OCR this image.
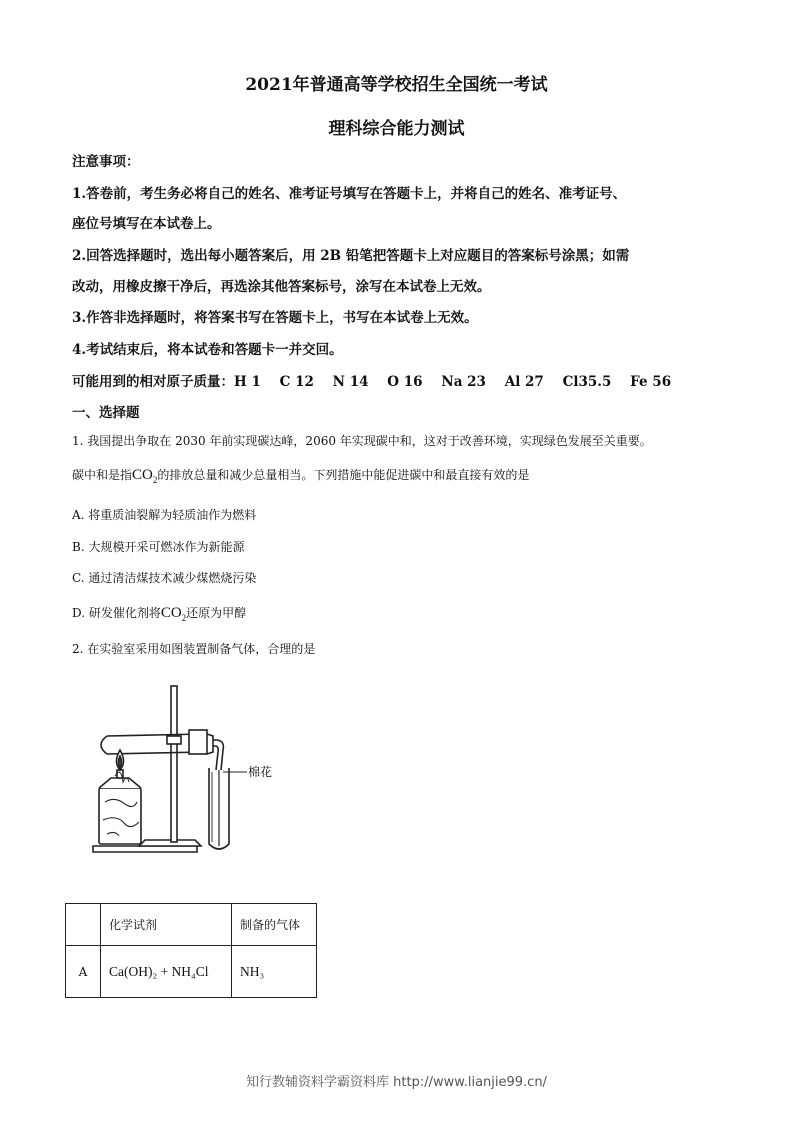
2021年普通高等学校招生全国统一考试
理科综合能力测试
注意事项：
1.答卷前，考生务必将自己的姓名、准考证号填写在答题卡上，并将自己的姓名、准考证号、
座位号填写在本试卷上。
2.回答选择题时，选出每小题答案后，用 2B 铅笔把答题卡上对应题目的答案标号涂黑；如需
改动，用橡皮擦干净后，再选涂其他答案标号，涂写在本试卷上无效。
3.作答非选择题时，将答案书写在答题卡上，书写在本试卷上无效。
4.考试结束后，将本试卷和答题卡一并交回。
可能用到的相对原子质量：H 1    C 12    N 14    O 16    Na 23    Al 27    Cl35.5    Fe 56
一、选择题
1. 我国提出争取在 2030 年前实现碳达峰，2060 年实现碳中和，这对于改善环境，实现绿色发展至关重要。
碳中和是指$CO_2$的排放总量和减少总量相当。下列措施中能促进碳中和最直接有效的是
A. 将重质油裂解为轻质油作为燃料
B. 大规模开采可燃冰作为新能源
C. 通过清洁煤技术减少煤燃烧污染
D. 研发催化剂将$CO_2$还原为甲醇
2. 在实验室采用如图装置制备气体，合理的是
棉花
	化学试剂	制备的气体
A	Ca(OH)₂ + NH₄Cl	NH₃
知行教辅资料学霸资料库 http://www.lianjie99.cn/
